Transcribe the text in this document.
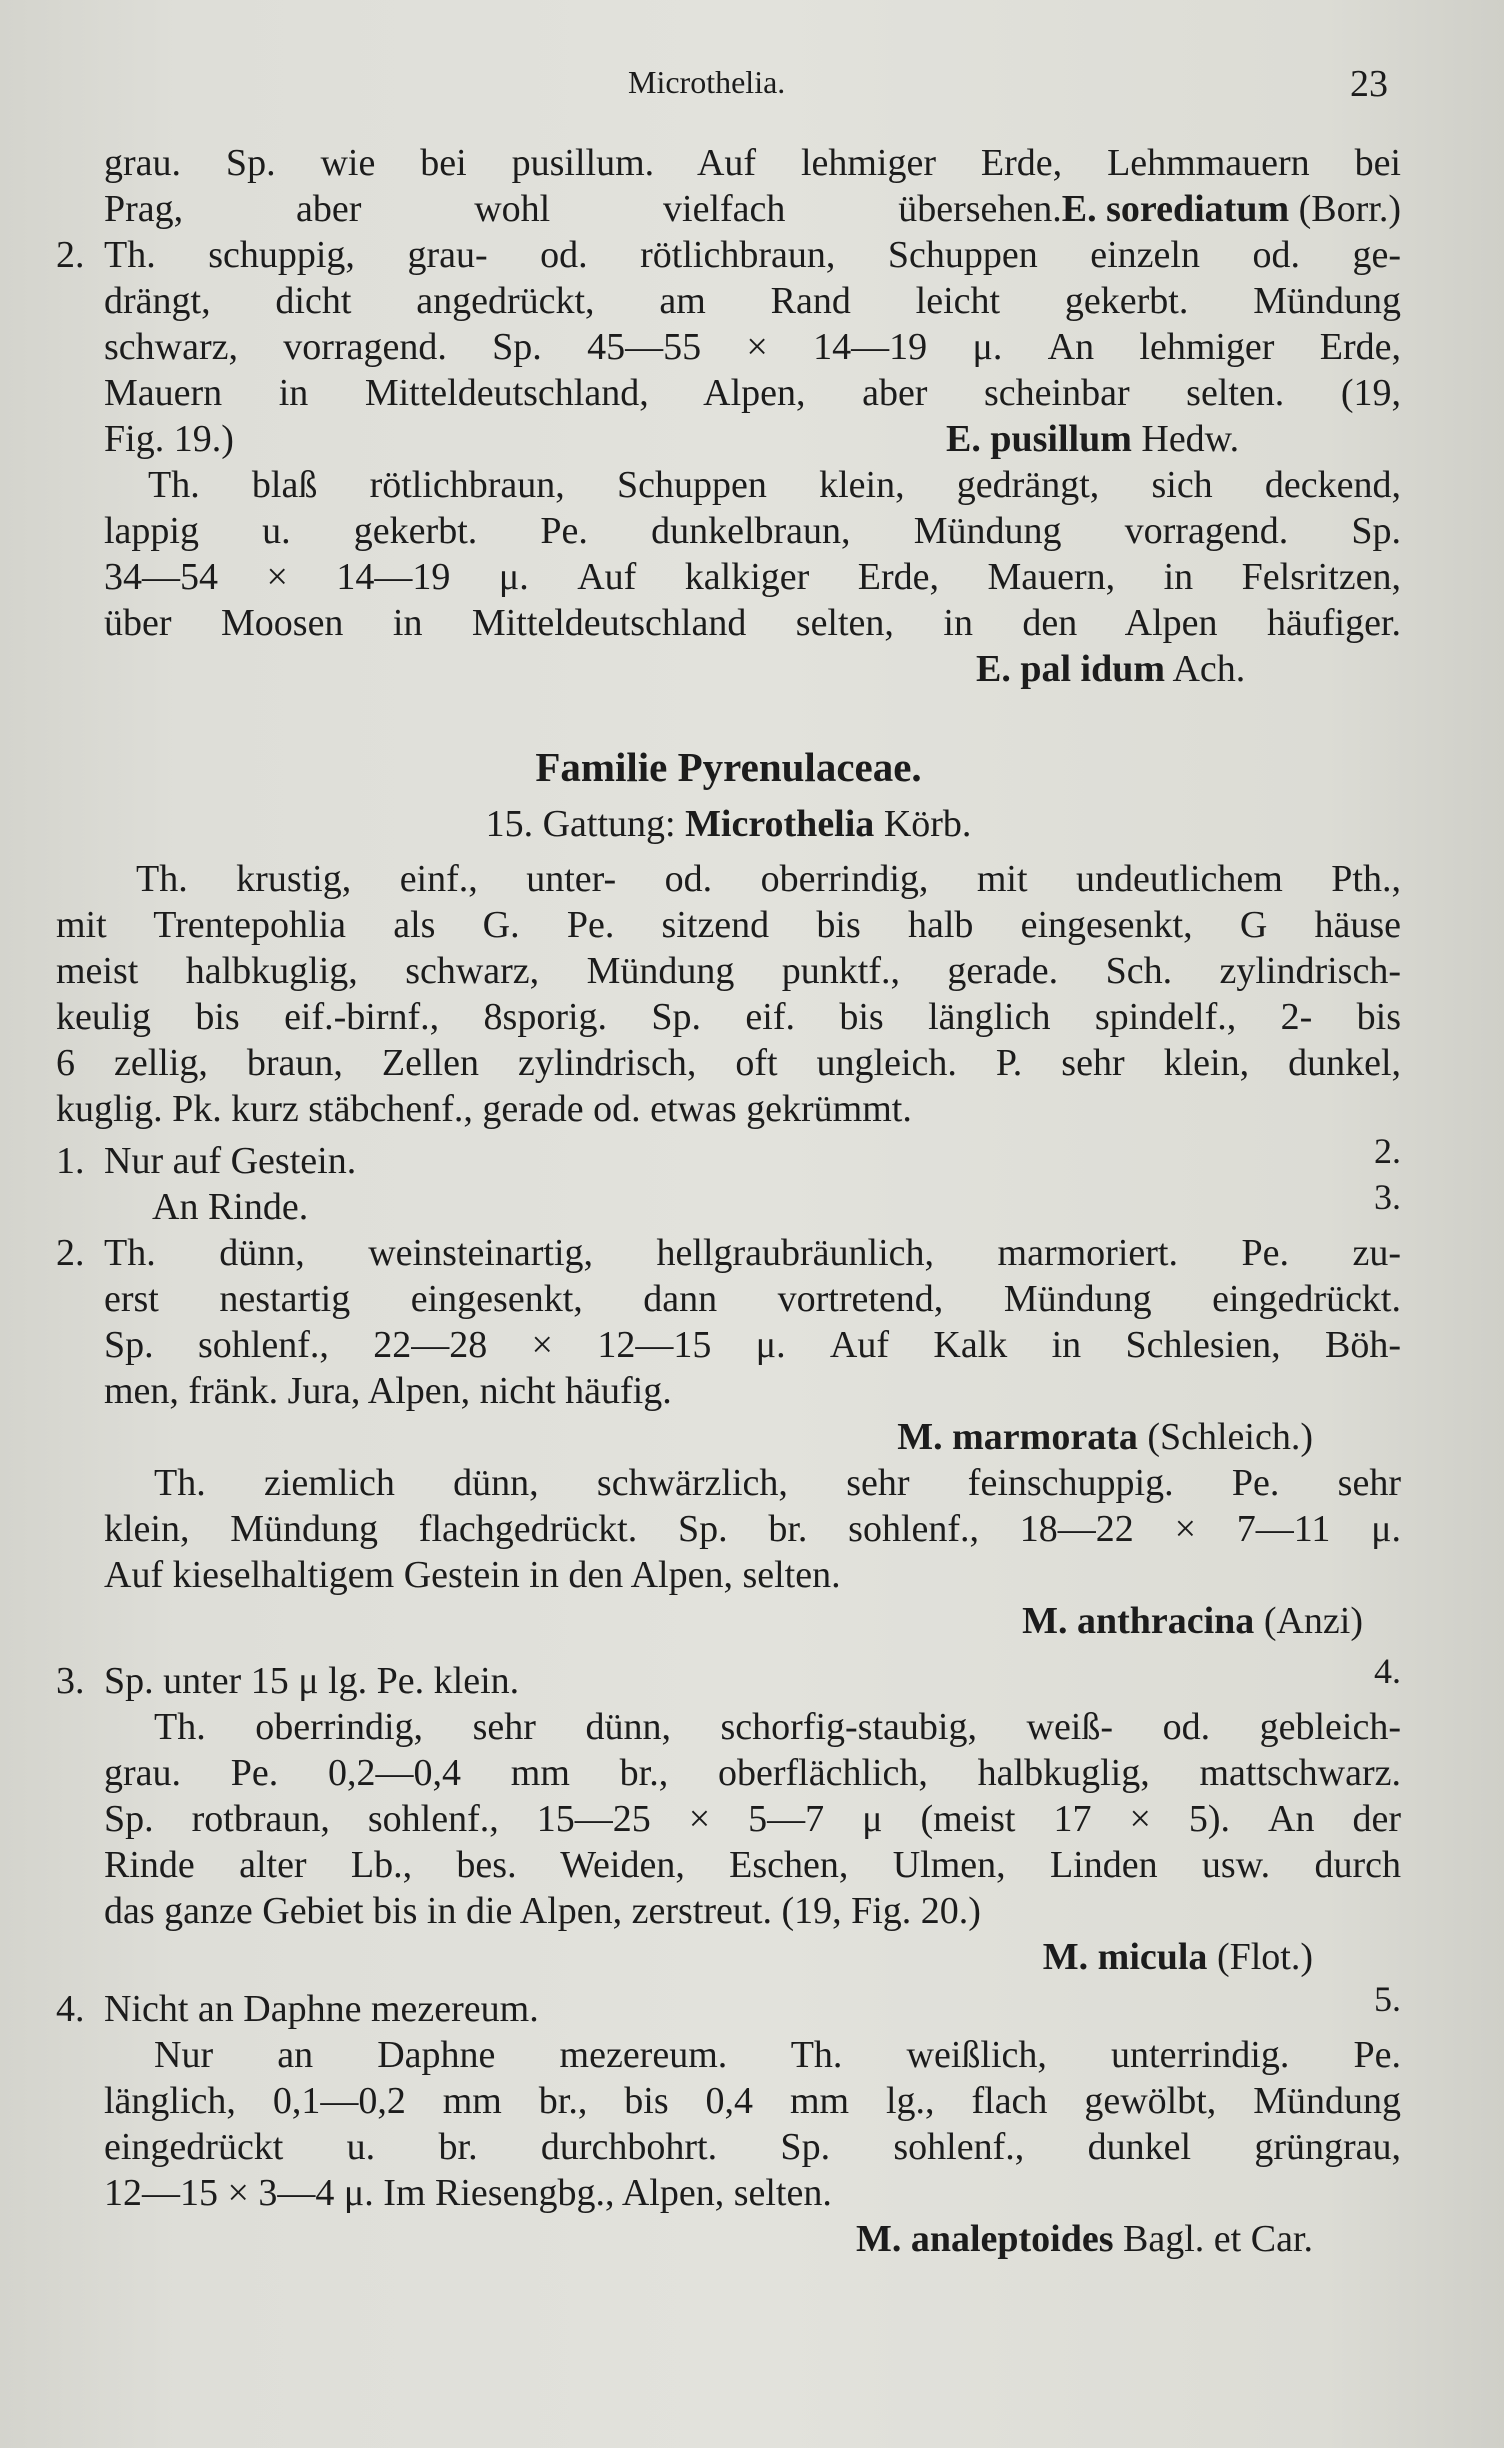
Microthelia.	23
grau. Sp. wie bei pusillum. Auf lehmiger Erde, Lehmmauern bei
Prag, aber wohl vielfach übersehen. E. sorediatum (Borr.)
2. Th. schuppig, grau- od. rötlichbraun, Schuppen einzeln od. ge-
drängt, dicht angedrückt, am Rand leicht gekerbt. Mündung
schwarz, vorragend. Sp. 45—55 × 14—19 μ. An lehmiger Erde,
Mauern in Mitteldeutschland, Alpen, aber scheinbar selten. (19,
Fig. 19.)	E. pusillum Hedw.
Th. blaß rötlichbraun, Schuppen klein, gedrängt, sich deckend,
lappig u. gekerbt. Pe. dunkelbraun, Mündung vorragend. Sp.
34—54 × 14—19 μ. Auf kalkiger Erde, Mauern, in Felsritzen,
über Moosen in Mitteldeutschland selten, in den Alpen häufiger.
E. pal idum Ach.
Familie Pyrenulaceae.
15. Gattung: Microthelia Körb.
Th. krustig, einf., unter- od. oberrindig, mit undeutlichem Pth.,
mit Trentepohlia als G. Pe. sitzend bis halb eingesenkt, G häuse
meist halbkuglig, schwarz, Mündung punktf., gerade. Sch. zylindrisch-
keulig bis eif.-birnf., 8sporig. Sp. eif. bis länglich spindelf., 2- bis
6 zellig, braun, Zellen zylindrisch, oft ungleich. P. sehr klein, dunkel,
kuglig. Pk. kurz stäbchenf., gerade od. etwas gekrümmt.
1. Nur auf Gestein.	2.
An Rinde.	3.
2. Th. dünn, weinsteinartig, hellgraubräunlich, marmoriert. Pe. zu-
erst nestartig eingesenkt, dann vortretend, Mündung eingedrückt.
Sp. sohlenf., 22—28 × 12—15 μ. Auf Kalk in Schlesien, Böh-
men, fränk. Jura, Alpen, nicht häufig.
M. marmorata (Schleich.)
Th. ziemlich dünn, schwärzlich, sehr feinschuppig. Pe. sehr
klein, Mündung flachgedrückt. Sp. br. sohlenf., 18—22 × 7—11 μ.
Auf kieselhaltigem Gestein in den Alpen, selten.
M. anthracina (Anzi)
3. Sp. unter 15 μ lg. Pe. klein.	4.
Th. oberrindig, sehr dünn, schorfig-staubig, weiß- od. gebleich-
grau. Pe. 0,2—0,4 mm br., oberflächlich, halbkuglig, mattschwarz.
Sp. rotbraun, sohlenf., 15—25 × 5—7 μ (meist 17 × 5). An der
Rinde alter Lb., bes. Weiden, Eschen, Ulmen, Linden usw. durch
das ganze Gebiet bis in die Alpen, zerstreut. (19, Fig. 20.)
M. micula (Flot.)
4. Nicht an Daphne mezereum.	5.
Nur an Daphne mezereum. Th. weißlich, unterrindig. Pe.
länglich, 0,1—0,2 mm br., bis 0,4 mm lg., flach gewölbt, Mündung
eingedrückt u. br. durchbohrt. Sp. sohlenf., dunkel grüngrau,
12—15 × 3—4 μ. Im Riesengbg., Alpen, selten.
M. analeptoides Bagl. et Car.
